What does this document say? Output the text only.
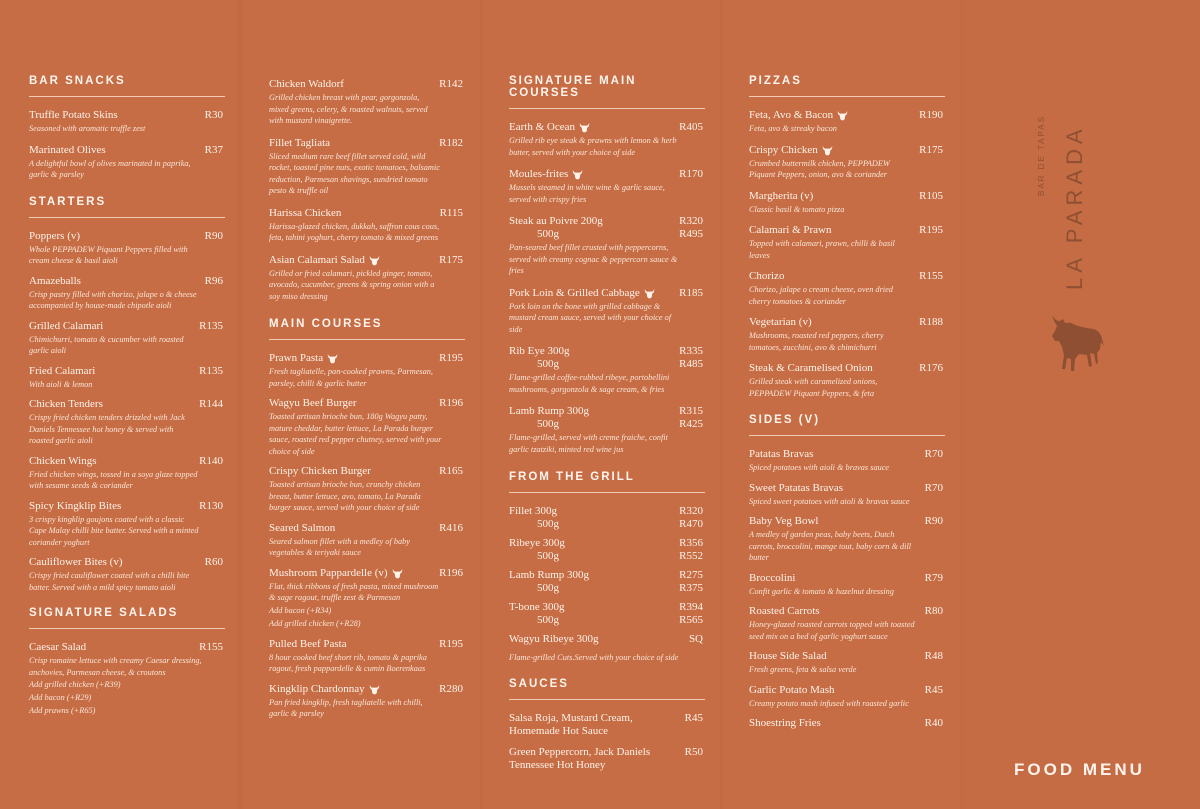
BAR SNACKS
Truffle Potato Skins	R30
Seasoned with aromatic truffle zest
Marinated Olives	R37
A delightful bowl of olives marinated in paprika, garlic & parsley
STARTERS
Poppers (v)	R90
Whole PEPPADEW Piquant Peppers filled with cream cheese & basil aioli
Amazeballs	R96
Crisp pastry filled with chorizo, jalape o & cheese accompanied by house-made chipotle aioli
Grilled Calamari	R135
Chimichurri, tomato & cucumber with roasted garlic aioli
Fried Calamari	R135
With aioli & lemon
Chicken Tenders	R144
Crispy fried chicken tenders drizzled with Jack Daniels Tennessee hot honey & served with roasted garlic aioli
Chicken Wings	R140
Fried chicken wings, tossed in a soya glaze topped with sesame seeds & coriander
Spicy Kingklip Bites	R130
3 crispy kingklip goujons coated with a classic Cape Malay chilli bite batter. Served with a minted coriander yoghurt
Cauliflower Bites (v)	R60
Crispy fried cauliflower coated with a chilli bite batter. Served with a mild spicy tomato aioli
SIGNATURE SALADS
Caesar Salad	R155
Crisp romaine lettuce with creamy Caesar dressing, anchovies, Parmesan cheese, & croutons
Add grilled chicken (+R39)
Add bacon (+R29)
Add prawns (+R65)
Chicken Waldorf	R142
Grilled chicken breast with pear, gorgonzola, mixed greens, celery, & roasted walnuts, served with mustard vinaigrette.
Fillet Tagliata	R182
Sliced medium rare beef fillet served cold, wild rocket, toasted pine nuts, exotic tomatoes, balsamic reduction, Parmesan shavings, sundried tomato pesto & truffle oil
Harissa Chicken	R115
Harissa-glazed chicken, dukkah, saffron cous cous, feta, tahini yoghurt, cherry tomato & mixed greens
Asian Calamari Salad	R175
Grilled or fried calamari, pickled ginger, tomato, avocado, cucumber, greens & spring onion with a soy miso dressing
MAIN COURSES
Prawn Pasta	R195
Fresh tagliatelle, pan-cooked prawns, Parmesan, parsley, chilli & garlic butter
Wagyu Beef Burger	R196
Toasted artisan brioche bun, 180g Wagyu patty, mature cheddar, butter lettuce, La Parada burger sauce, roasted red pepper chutney, served with your choice of side
Crispy Chicken Burger	R165
Toasted artisan brioche bun, crunchy chicken breast, butter lettuce, avo, tomato, La Parada burger sauce, served with your choice of side
Seared Salmon	R416
Seared salmon fillet with a medley of baby vegetables & teriyaki sauce
Mushroom Pappardelle (v)	R196
Flat, thick ribbons of fresh pasta, mixed mushroom & sage ragout, truffle zest & Parmesan
Add bacon (+R34)
Add grilled chicken (+R28)
Pulled Beef Pasta	R195
8 hour cooked beef short rib, tomato & paprika ragout, fresh pappardelle & cumin Boerenkaas
Kingklip Chardonnay	R280
Pan fried kingklip, fresh tagliatelle with chilli, garlic & parsley
SIGNATURE MAIN COURSES
Earth & Ocean	R405
Grilled rib eye steak & prawns with lemon & herb butter, served with your choice of side
Moules-frites	R170
Mussels steamed in white wine & garlic sauce, served with crispy fries
Steak au Poivre 200g	R320
500g	R495
Pan-seared beef fillet crusted with peppercorns, served with creamy cognac & peppercorn sauce & fries
Pork Loin & Grilled Cabbage	R185
Pork loin on the bone with grilled cabbage & mustard cream sauce, served with your choice of side
Rib Eye 300g	R335
500g	R485
Flame-grilled coffee-rubbed ribeye, portobellini mushrooms, gorgonzola & sage cream, & fries
Lamb Rump 300g	R315
500g	R425
Flame-grilled, served with creme fraiche, confit garlic tzatziki, minted red wine jus
FROM THE GRILL
Fillet 300g	R320
500g	R470
Ribeye 300g	R356
500g	R552
Lamb Rump 300g	R275
500g	R375
T-bone 300g	R394
500g	R565
Wagyu Ribeye 300g	SQ
Flame-grilled Cuts.Served with your choice of side
SAUCES
Salsa Roja, Mustard Cream, Homemade Hot Sauce
R45
Green Peppercorn, Jack Daniels Tennessee Hot Honey
R50
PIZZAS
Feta, Avo & Bacon	R190
Feta, avo & streaky bacon
Crispy Chicken	R175
Crumbed buttermilk chicken, PEPPADEW Piquant Peppers, onion, avo & coriander
Margherita (v)	R105
Classic basil & tomato pizza
Calamari & Prawn	R195
Topped with calamari, prawn, chilli & basil leaves
Chorizo	R155
Chorizo, jalape o cream cheese, oven dried cherry tomatoes & coriander
Vegetarian (v)	R188
Mushrooms, roasted red peppers, cherry tomatoes, zucchini, avo & chimichurri
Steak & Caramelised Onion	R176
Grilled steak with caramelized onions, PEPPADEW Piquant Peppers, & feta
SIDES (V)
Patatas Bravas	R70
Spiced potatoes with aioli & bravas sauce
Sweet Patatas Bravas	R70
Spiced sweet potatoes with aioli & bravas sauce
Baby Veg Bowl	R90
A medley of garden peas, baby beets, Dutch carrots, broccolini, mange tout, baby corn & dill butter
Broccolini	R79
Confit garlic & tomato & hazelnut dressing
Roasted Carrots	R80
Honey-glazed roasted carrots topped with toasted seed mix on a bed of garlic yoghurt sauce
House Side Salad	R48
Fresh greens, feta & salsa verde
Garlic Potato Mash	R45
Creamy potato mash infused with roasted garlic
Shoestring Fries	R40
LA PARADA
BAR DE TAPAS
FOOD MENU
